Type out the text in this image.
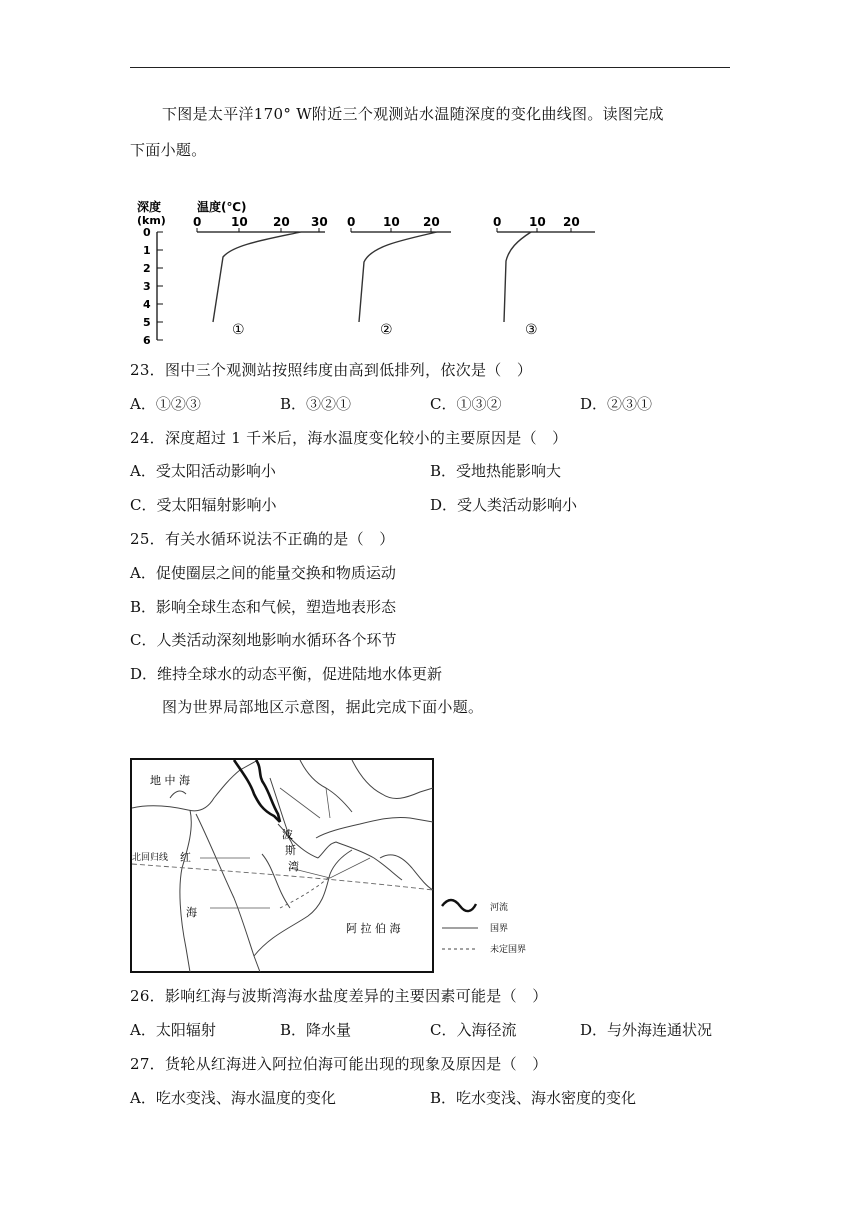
下图是太平洋170° W附近三个观测站水温随深度的变化曲线图。读图完成
下面小题。
深度
(km)
温度(℃)
0
1
2
3
4
5
6
0 10 20 30
①
0 10 20
②
0 10 20
③
23．图中三个观测站按照纬度由高到低排列，依次是（　）
A．①②③	B．③②①	C．①③②	D．②③①
24．深度超过 1 千米后，海水温度变化较小的主要原因是（　）
A．受太阳活动影响小	B．受地热能影响大
C．受太阳辐射影响小	D．受人类活动影响小
25．有关水循环说法不正确的是（　）
A．促使圈层之间的能量交换和物质运动
B．影响全球生态和气候，塑造地表形态
C．人类活动深刻地影响水循环各个环节
D．维持全球水的动态平衡，促进陆地水体更新
图为世界局部地区示意图，据此完成下面小题。
地 中 海
北回归线 红
海
波
斯
湾
阿 拉 伯 海
河流
国界
未定国界
26．影响红海与波斯湾海水盐度差异的主要因素可能是（　）
A．太阳辐射	B．降水量	C．入海径流	D．与外海连通状况
27．货轮从红海进入阿拉伯海可能出现的现象及原因是（　）
A．吃水变浅、海水温度的变化	B．吃水变浅、海水密度的变化
